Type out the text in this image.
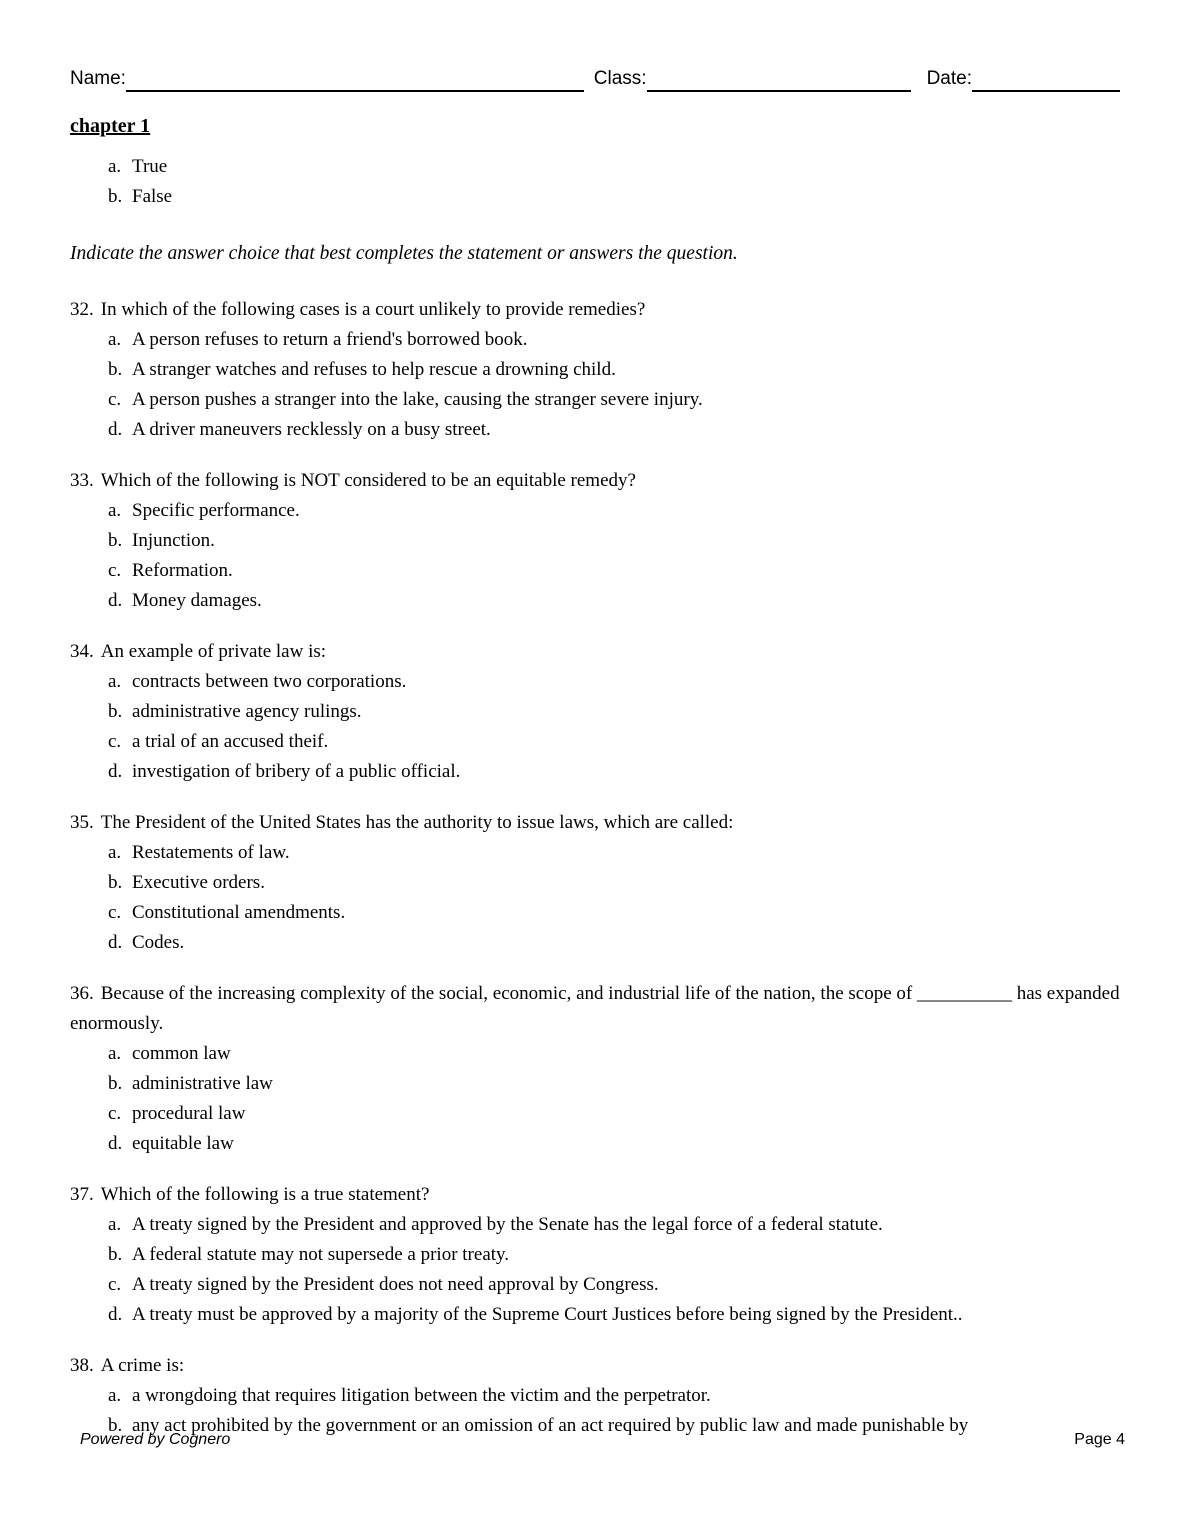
Name:	Class:	Date:
chapter 1
a. True
b. False
Indicate the answer choice that best completes the statement or answers the question.
32. In which of the following cases is a court unlikely to provide remedies?
a. A person refuses to return a friend's borrowed book.
b. A stranger watches and refuses to help rescue a drowning child.
c. A person pushes a stranger into the lake, causing the stranger severe injury.
d. A driver maneuvers recklessly on a busy street.
33. Which of the following is NOT considered to be an equitable remedy?
a. Specific performance.
b. Injunction.
c. Reformation.
d. Money damages.
34. An example of private law is:
a. contracts between two corporations.
b. administrative agency rulings.
c. a trial of an accused theif.
d. investigation of bribery of a public official.
35. The President of the United States has the authority to issue laws, which are called:
a. Restatements of law.
b. Executive orders.
c. Constitutional amendments.
d. Codes.
36. Because of the increasing complexity of the social, economic, and industrial life of the nation, the scope of __________ has expanded enormously.
a. common law
b. administrative law
c. procedural law
d. equitable law
37. Which of the following is a true statement?
a. A treaty signed by the President and approved by the Senate has the legal force of a federal statute.
b. A federal statute may not supersede a prior treaty.
c. A treaty signed by the President does not need approval by Congress.
d. A treaty must be approved by a majority of the Supreme Court Justices before being signed by the President..
38. A crime is:
a. a wrongdoing that requires litigation between the victim and the perpetrator.
b. any act prohibited by the government or an omission of an act required by public law and made punishable by
Powered by Cognero	Page 4
